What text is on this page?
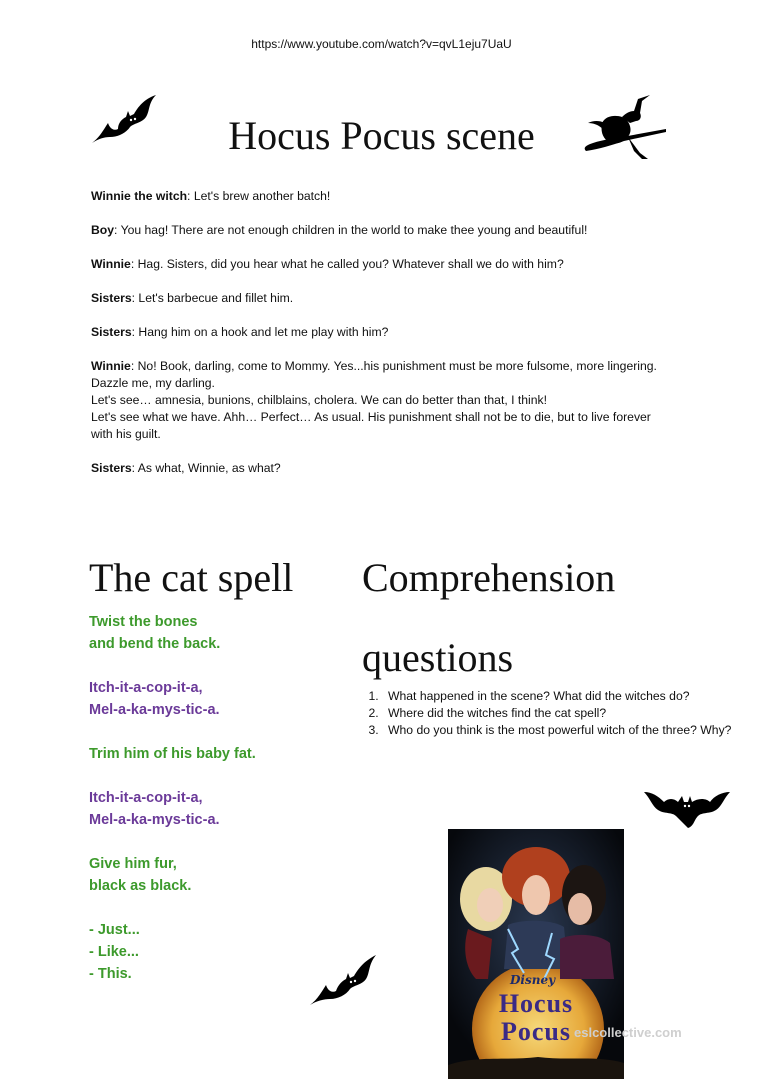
https://www.youtube.com/watch?v=qvL1eju7UaU
Hocus Pocus scene

Winnie the witch: Let's brew another batch!

Boy: You hag! There are not enough children in the world to make thee young and beautiful!

Winnie: Hag. Sisters, did you hear what he called you? Whatever shall we do with him?

Sisters: Let's barbecue and fillet him.

Sisters: Hang him on a hook and let me play with him?

Winnie: No! Book, darling, come to Mommy. Yes...his punishment must be more fulsome, more lingering.
Dazzle me, my darling.
Let's see… amnesia, bunions, chilblains, cholera. We can do better than that, I think!
Let's see what we have. Ahh… Perfect… As usual. His punishment shall not be to die, but to live forever with his guilt.

Sisters: As what, Winnie, as what?

The cat spell
Twist the bones
and bend the back.
Itch-it-a-cop-it-a,
Mel-a-ka-mys-tic-a.
Trim him of his baby fat.
Itch-it-a-cop-it-a,
Mel-a-ka-mys-tic-a.
Give him fur,
black as black.
- Just...
- Like...
- This.
Comprehension
questions
1. What happened in the scene? What did the witches do?
2. Where did the witches find the cat spell?
3. Who do you think is the most powerful witch of the three? Why?
Disney
Hocus
Pocus eslcollective.com
